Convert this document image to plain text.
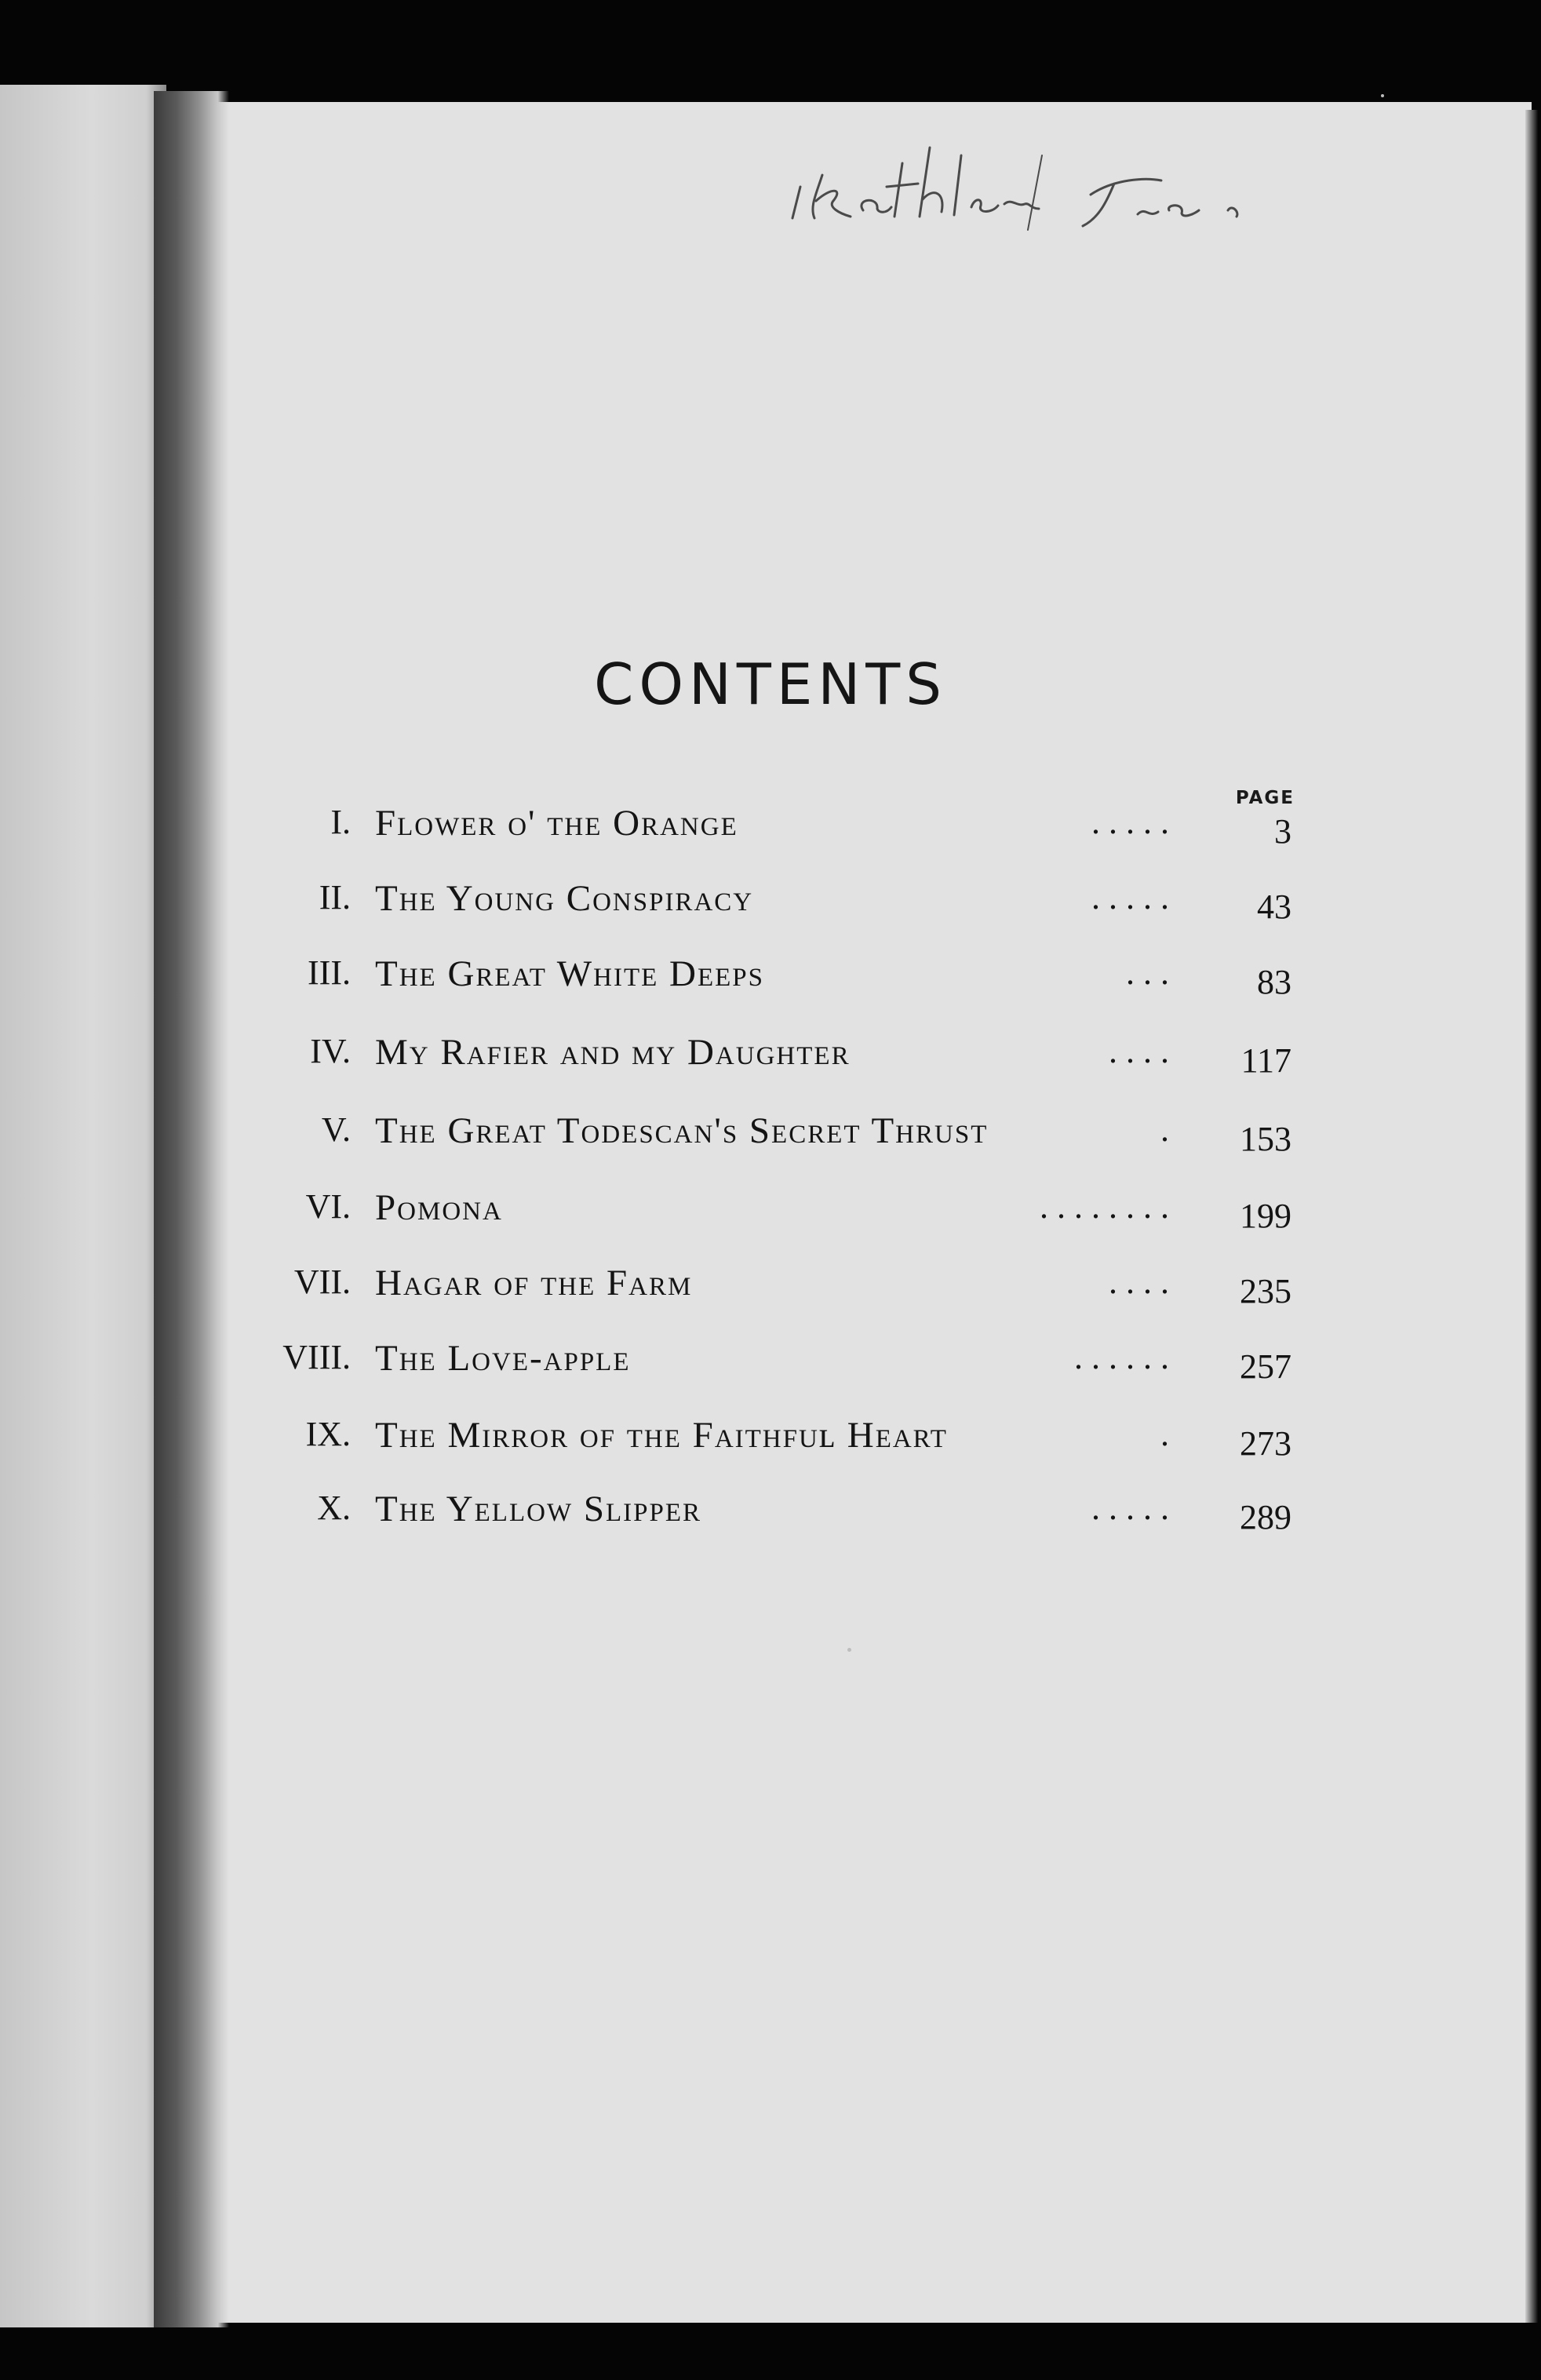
CONTENTS
PAGE
I. Flower o' the Orange	. . . . .	3
II. The Young Conspiracy	. . . . .	43
III. The Great White Deeps	. . .	83
IV. My Rafier and my Daughter	. . . . 117
V. The Great Todescan's Secret Thrust	. 153
VI. Pomona	. . . . . . . . 199
VII. Hagar of the Farm	. . . . 235
VIII. The Love-apple	. . . . . . 257
IX. The Mirror of the Faithfuʟ Heart	. 273
X. The Yellow Slipper	. . . . . 289
